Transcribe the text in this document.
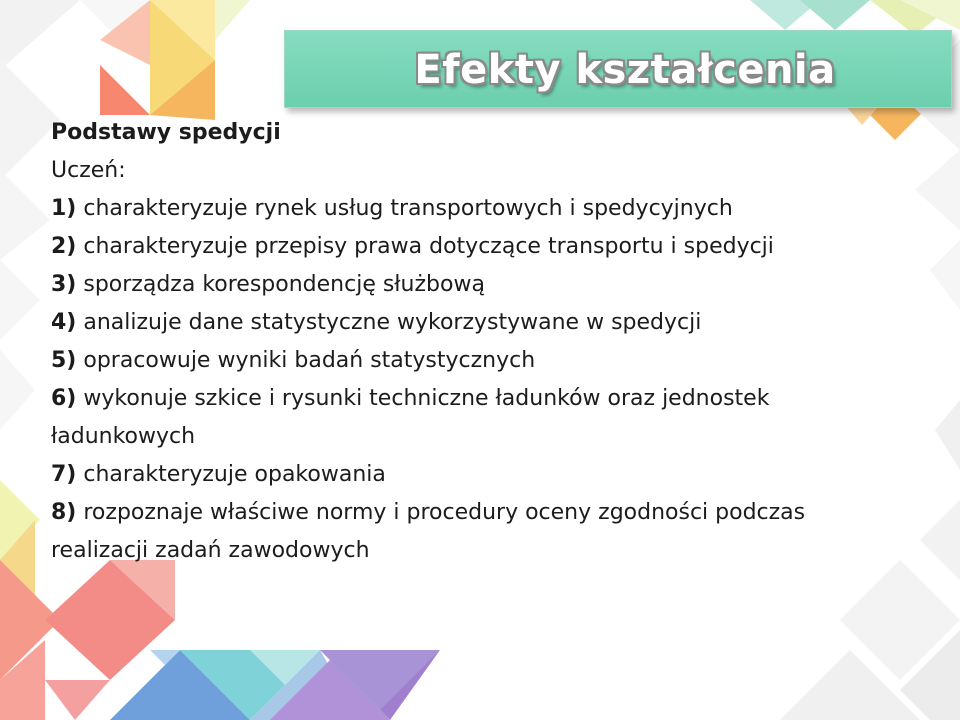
Efekty kształcenia
Podstawy spedycji
Uczeń:
1) charakteryzuje rynek usług transportowych i spedycyjnych
2) charakteryzuje przepisy prawa dotyczące transportu i spedycji
3) sporządza korespondencję służbową
4) analizuje dane statystyczne wykorzystywane w spedycji
5) opracowuje wyniki badań statystycznych
6) wykonuje szkice i rysunki techniczne ładunków oraz jednostek
ładunkowych
7) charakteryzuje opakowania
8) rozpoznaje właściwe normy i procedury oceny zgodności podczas
realizacji zadań zawodowych
